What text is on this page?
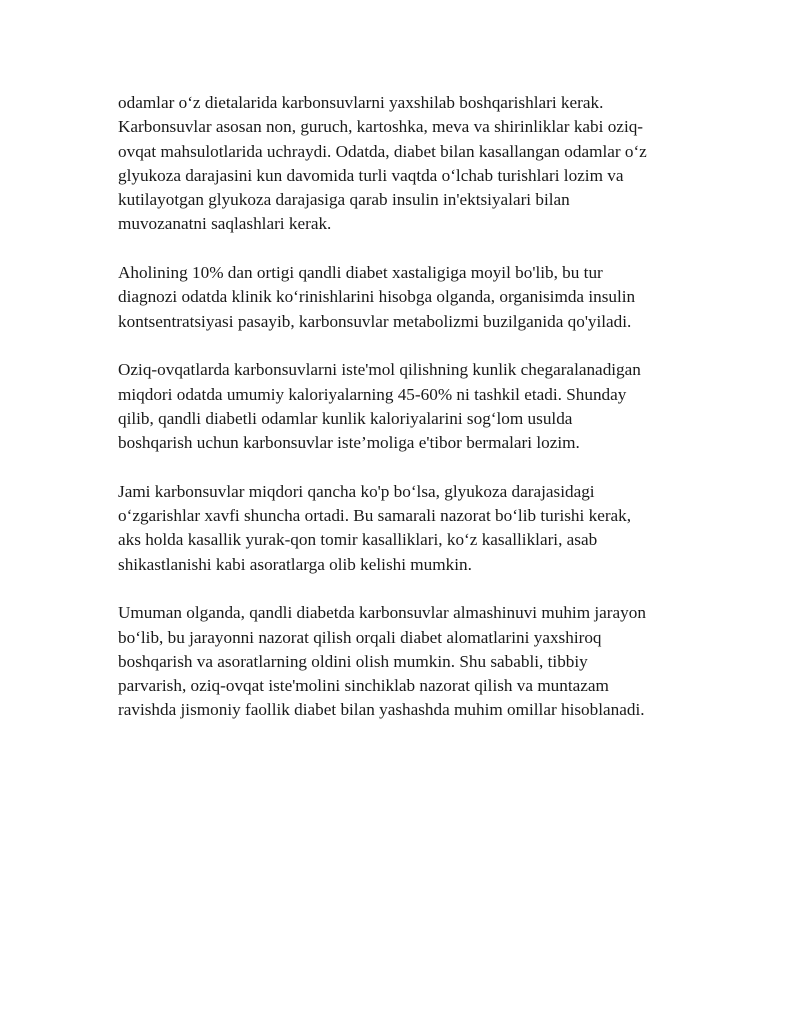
odamlar o‘z dietalarida karbonsuvlarni yaxshilab boshqarishlari kerak.
Karbonsuvlar asosan non, guruch, kartoshka, meva va shirinliklar kabi oziq-
ovqat mahsulotlarida uchraydi. Odatda, diabet bilan kasallangan odamlar o‘z
glyukoza darajasini kun davomida turli vaqtda o‘lchab turishlari lozim va
kutilayotgan glyukoza darajasiga qarab insulin in'ektsiyalari bilan
muvozanatni saqlashlari kerak.

Aholining 10% dan ortigi qandli diabet xastaligiga moyil bo'lib, bu tur
diagnozi odatda klinik ko‘rinishlarini hisobga olganda, organisimda insulin
kontsentratsiyasi pasayib, karbonsuvlar metabolizmi buzilganida qo'yiladi.

Oziq-ovqatlarda karbonsuvlarni iste'mol qilishning kunlik chegaralanadigan
miqdori odatda umumiy kaloriyalarning 45-60% ni tashkil etadi. Shunday
qilib, qandli diabetli odamlar kunlik kaloriyalarini sog‘lom usulda
boshqarish uchun karbonsuvlar iste’moliga e'tibor bermalari lozim.

Jami karbonsuvlar miqdori qancha ko'p bo‘lsa, glyukoza darajasidagi
o‘zgarishlar xavfi shuncha ortadi. Bu samarali nazorat bo‘lib turishi kerak,
aks holda kasallik yurak-qon tomir kasalliklari, ko‘z kasalliklari, asab
shikastlanishi kabi asoratlarga olib kelishi mumkin.

Umuman olganda, qandli diabetda karbonsuvlar almashinuvi muhim jarayon
bo‘lib, bu jarayonni nazorat qilish orqali diabet alomatlarini yaxshiroq
boshqarish va asoratlarning oldini olish mumkin. Shu sababli, tibbiy
parvarish, oziq-ovqat iste'molini sinchiklab nazorat qilish va muntazam
ravishda jismoniy faollik diabet bilan yashashda muhim omillar hisoblanadi.
